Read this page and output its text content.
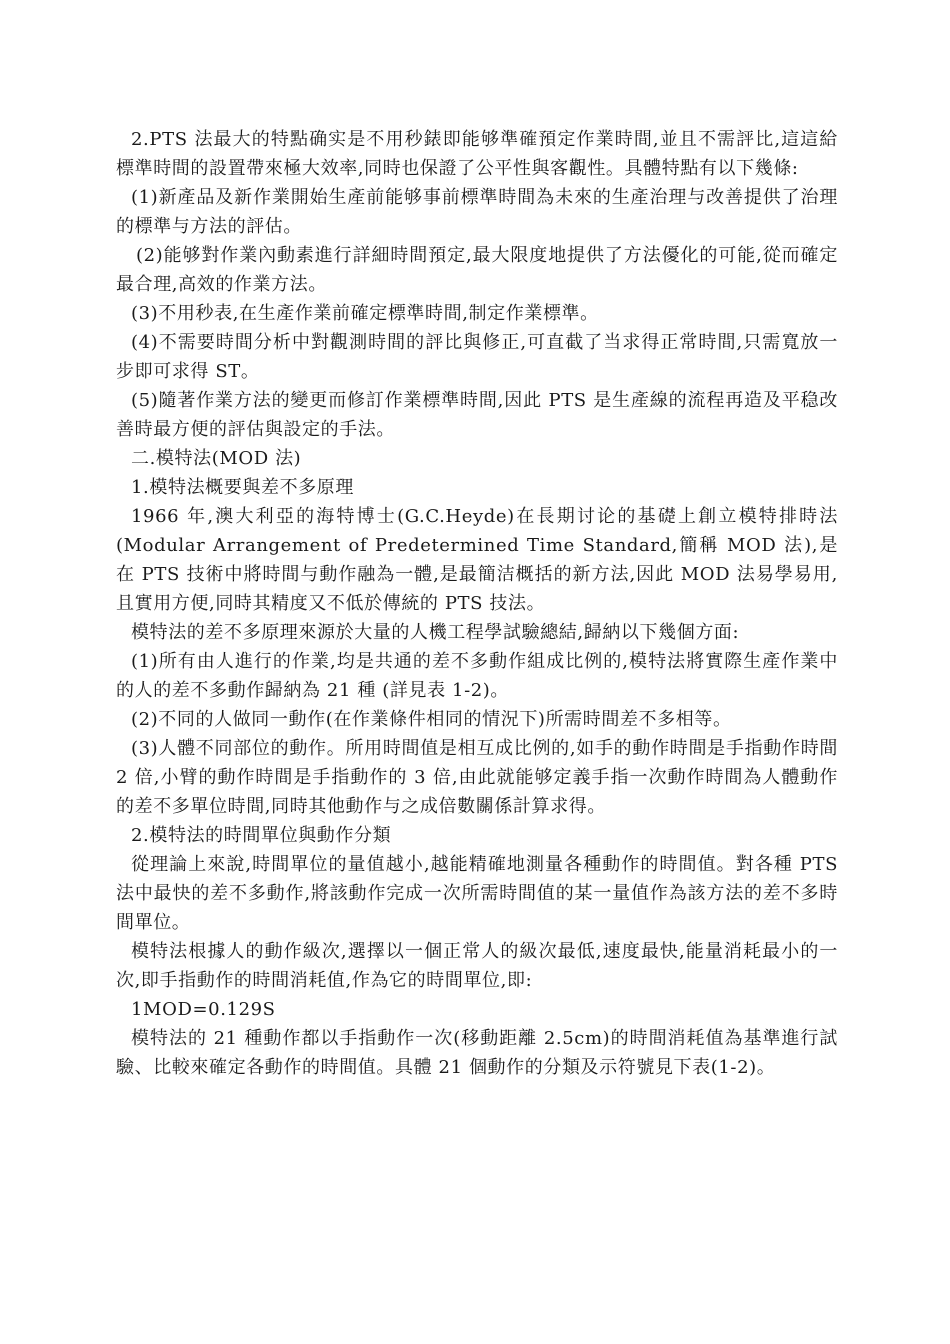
2.PTS 法最大的特點确实是不用秒錶即能够準確預定作業時間,並且不需評比,這這給標準時間的設置帶來極大效率,同時也保證了公平性與客觀性。具體特點有以下幾條:

(1)新產品及新作業開始生產前能够事前標準時間為未來的生產治理与改善提供了治理的標準与方法的評估。

(2)能够對作業內動素進行詳細時間預定,最大限度地提供了方法優化的可能,從而確定最合理,高效的作業方法。

(3)不用秒表,在生產作業前確定標準時間,制定作業標準。

(4)不需要時間分析中對觀測時間的評比與修正,可直截了当求得正常時間,只需寬放一步即可求得 ST。

(5)隨著作業方法的變更而修訂作業標準時間,因此 PTS 是生產線的流程再造及平稳改善時最方便的評估與設定的手法。

二.模特法(MOD 法)

1.模特法概要與差不多原理

1966 年,澳大利亞的海特博士(G.C.Heyde)在長期讨论的基礎上創立模特排時法(Modular Arrangement of Predetermined Time Standard,簡稱 MOD 法),是在 PTS 技術中將時間与動作融為一體,是最簡洁概括的新方法,因此 MOD 法易學易用,且實用方便,同時其精度又不低於傳統的 PTS 技法。

模特法的差不多原理來源於大量的人機工程學試驗總結,歸納以下幾個方面:

(1)所有由人進行的作業,均是共通的差不多動作組成比例的,模特法將實際生產作業中的人的差不多動作歸納為 21 種 (詳見表 1-2)。

(2)不同的人做同一動作(在作業條件相同的情況下)所需時間差不多相等。

(3)人體不同部位的動作。所用時間值是相互成比例的,如手的動作時間是手指動作時間 2 倍,小臂的動作時間是手指動作的 3 倍,由此就能够定義手指一次動作時間為人體動作的差不多單位時間,同時其他動作与之成倍數關係計算求得。

2.模特法的時間單位與動作分類

從理論上來說,時間單位的量值越小,越能精確地測量各種動作的時間值。對各種 PTS 法中最快的差不多動作,將該動作完成一次所需時間值的某一量值作為該方法的差不多時間單位。

模特法根據人的動作級次,選擇以一個正常人的級次最低,速度最快,能量消耗最小的一次,即手指動作的時間消耗值,作為它的時間單位,即:

1MOD=0.129S

模特法的 21 種動作都以手指動作一次(移動距離 2.5cm)的時間消耗值為基準進行試驗、比較來確定各動作的時間值。具體 21 個動作的分類及示符號見下表(1-2)。
